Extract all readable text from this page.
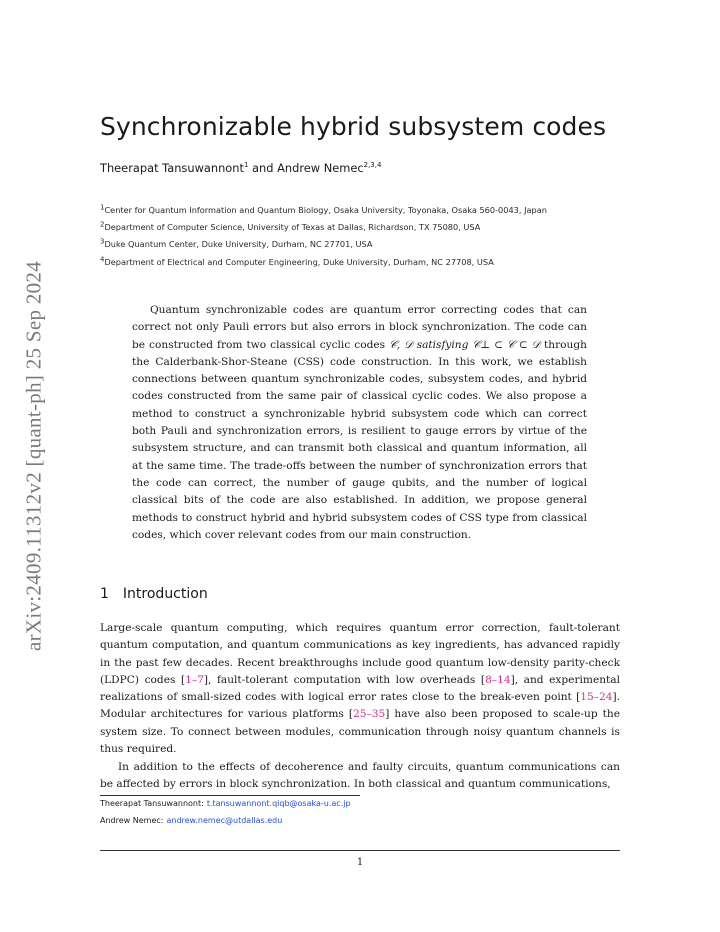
arXiv:2409.11312v2 [quant-ph] 25 Sep 2024
Synchronizable hybrid subsystem codes
Theerapat Tansuwannont$^1$ and Andrew Nemec$^{2,3,4}$
$^1$Center for Quantum Information and Quantum Biology, Osaka University, Toyonaka, Osaka 560-0043, Japan
$^2$Department of Computer Science, University of Texas at Dallas, Richardson, TX 75080, USA
$^3$Duke Quantum Center, Duke University, Durham, NC 27701, USA
$^4$Department of Electrical and Computer Engineering, Duke University, Durham, NC 27708, USA

Quantum synchronizable codes are quantum error correcting codes that can correct not only Pauli errors but also errors in block synchronization. The code can be constructed from two classical cyclic codes 𝒞, 𝒟 satisfying 𝒞⊥ ⊂ 𝒞 ⊂ 𝒟 through the Calderbank-Shor-Steane (CSS) code construction. In this work, we establish connections between quantum synchronizable codes, subsystem codes, and hybrid codes constructed from the same pair of classical cyclic codes. We also propose a method to construct a synchronizable hybrid subsystem code which can correct both Pauli and synchronization errors, is resilient to gauge errors by virtue of the subsystem structure, and can transmit both classical and quantum information, all at the same time. The trade-offs between the number of synchronization errors that the code can correct, the number of gauge qubits, and the number of logical classical bits of the code are also established. In addition, we propose general methods to construct hybrid and hybrid subsystem codes of CSS type from classical codes, which cover relevant codes from our main construction.

1 Introduction

Large-scale quantum computing, which requires quantum error correction, fault-tolerant quantum computation, and quantum communications as key ingredients, has advanced rapidly in the past few decades. Recent breakthroughs include good quantum low-density parity-check (LDPC) codes [1–7], fault-tolerant computation with low overheads [8–14], and experimental realizations of small-sized codes with logical error rates close to the break-even point [15–24]. Modular architectures for various platforms [25–35] have also been proposed to scale-up the system size. To connect between modules, communication through noisy quantum channels is thus required.

In addition to the effects of decoherence and faulty circuits, quantum communications can be affected by errors in block synchronization. In both classical and quantum communications,

Theerapat Tansuwannont: t.tansuwannont.qiqb@osaka-u.ac.jp
Andrew Nemec: andrew.nemec@utdallas.edu
1
